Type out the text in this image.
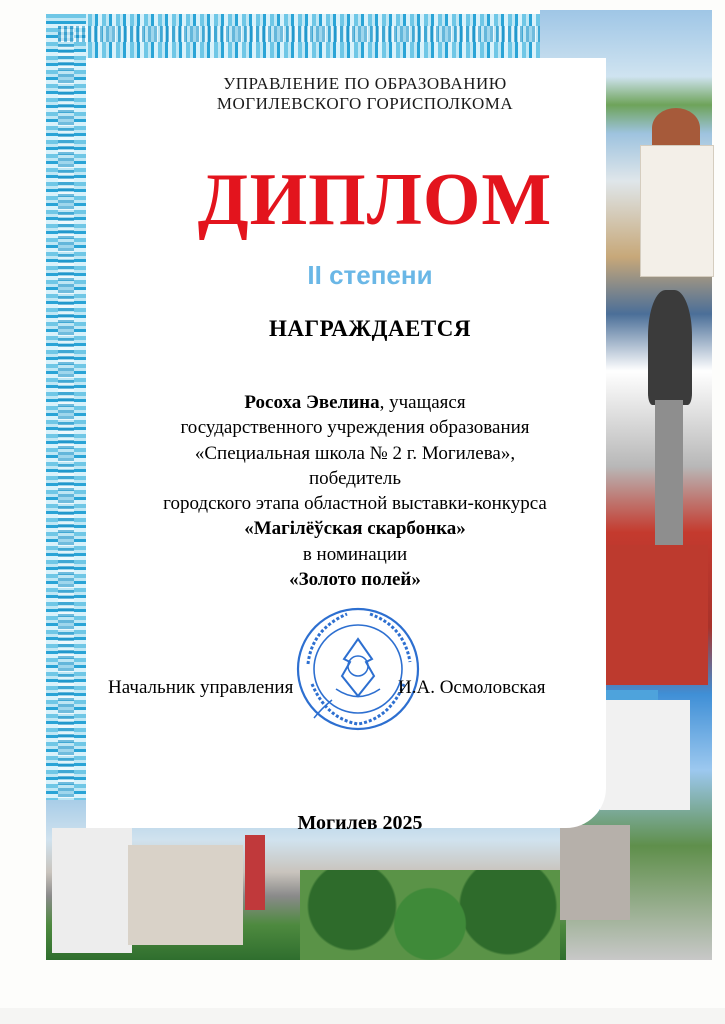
УПРАВЛЕНИЕ ПО ОБРАЗОВАНИЮ
МОГИЛЕВСКОГО ГОРИСПОЛКОМА
ДИПЛОМ
II степени
НАГРАЖДАЕТСЯ
Росоха Эвелина, учащаяся
государственного учреждения образования
«Специальная школа № 2 г. Могилева»,
победитель
городского этапа областной выставки-конкурса
«Магілёўская скарбонка»
в номинации
«Золото полей»
Начальник управления	И.А. Осмоловская
Могилев 2025
